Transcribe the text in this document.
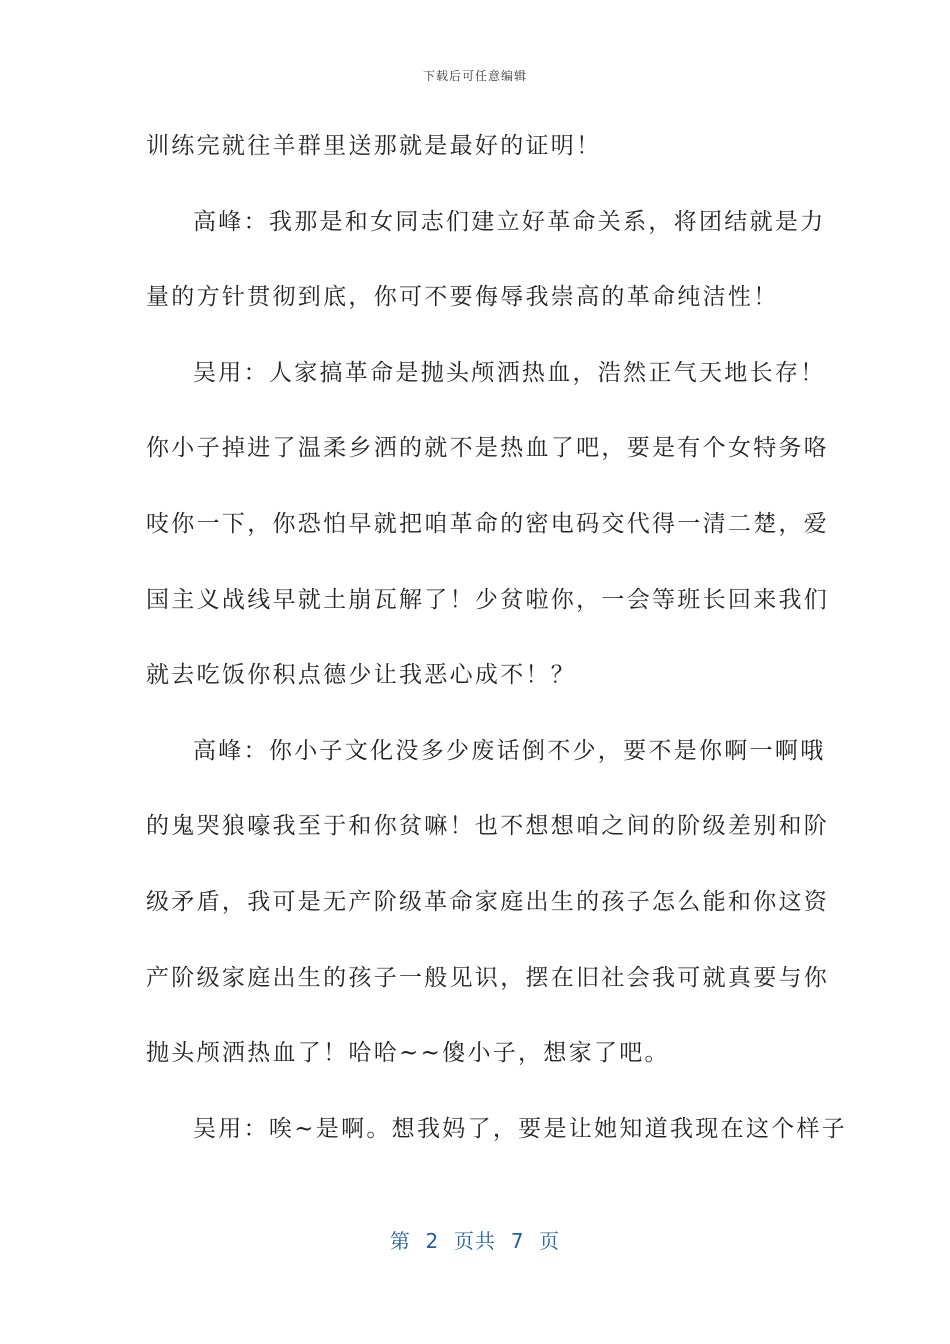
下载后可任意编辑
训练完就往羊群里送那就是最好的证明！
高峰：我那是和女同志们建立好革命关系，将团结就是力
量的方针贯彻到底，你可不要侮辱我崇高的革命纯洁性！
吴用：人家搞革命是抛头颅洒热血，浩然正气天地长存！
你小子掉进了温柔乡洒的就不是热血了吧，要是有个女特务咯
吱你一下，你恐怕早就把咱革命的密电码交代得一清二楚，爱
国主义战线早就土崩瓦解了！少贫啦你，一会等班长回来我们
就去吃饭你积点德少让我恶心成不！？
高峰：你小子文化没多少废话倒不少，要不是你啊一啊哦
的鬼哭狼嚎我至于和你贫嘛！也不想想咱之间的阶级差别和阶
级矛盾，我可是无产阶级革命家庭出生的孩子怎么能和你这资
产阶级家庭出生的孩子一般见识，摆在旧社会我可就真要与你
抛头颅洒热血了！哈哈~~傻小子，想家了吧。
吴用：唉~是啊。想我妈了，要是让她知道我现在这个样子
第  2  页共  7  页
